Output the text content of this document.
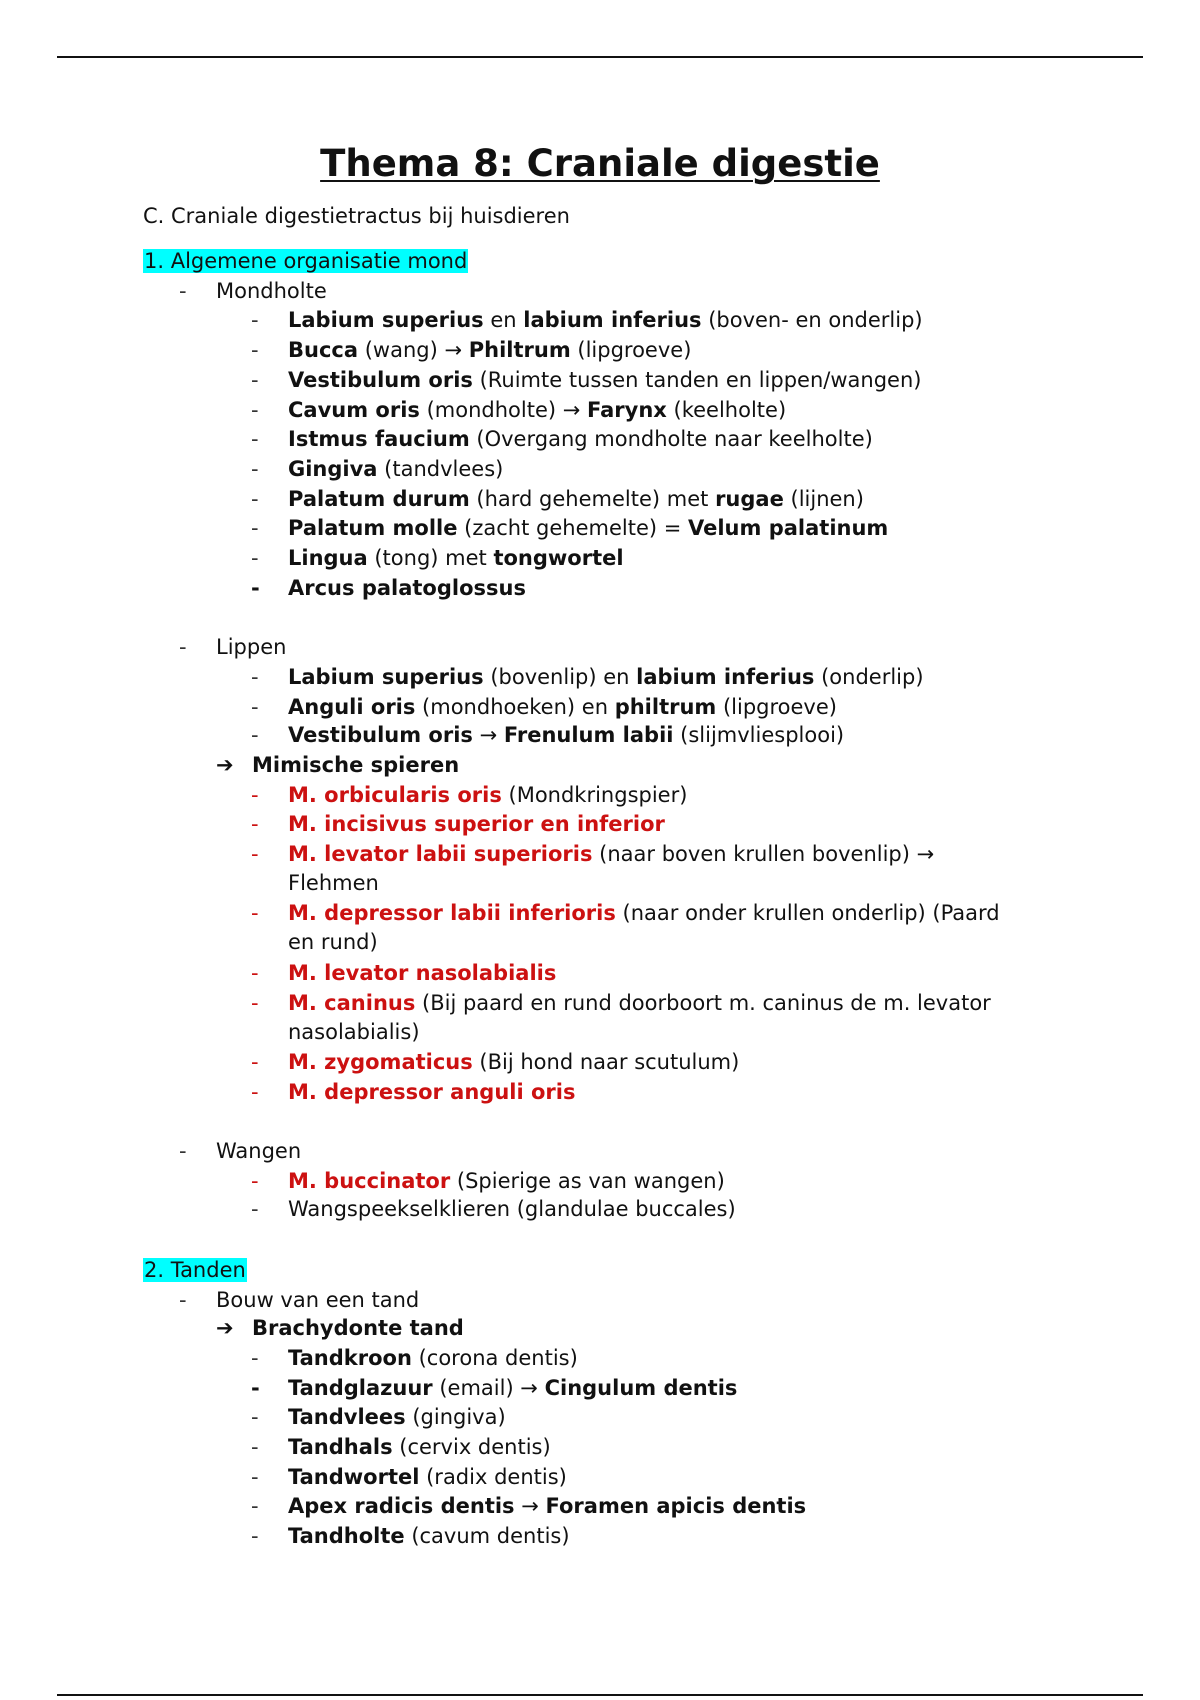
Thema 8: Craniale digestie

C. Craniale digestietractus bij huisdieren

1. Algemene organisatie mond

- Mondholte

Labium superius en labium inferius (boven- en onderlip)

Bucca (wang) → Philtrum (lipgroeve)

Vestibulum oris (Ruimte tussen tanden en lippen/wangen)

Cavum oris (mondholte) → Farynx (keelholte)

Istmus faucium (Overgang mondholte naar keelholte)

Gingiva (tandvlees)

Palatum durum (hard gehemelte) met rugae (lijnen)

Palatum molle (zacht gehemelte) = Velum palatinum

Lingua (tong) met tongwortel

Arcus palatoglossus

-
-
-
-
-
-
-
-
-
-
- Lippen

Labium superius (bovenlip) en labium inferius (onderlip)

Anguli oris (mondhoeken) en philtrum (lipgroeve)

Vestibulum oris → Frenulum labii (slijmvliesplooi)

-
-
-

➔ Mimische spieren

M. orbicularis oris (Mondkringspier)

M. incisivus superior en inferior

M. levator labii superioris (naar boven krullen bovenlip) →

Flehmen

M. depressor labii inferioris (naar onder krullen onderlip) (Paard

en rund)

M. levator nasolabialis

M. caninus (Bij paard en rund doorboort m. caninus de m. levator

nasolabialis)

M. zygomaticus (Bij hond naar scutulum)

M. depressor anguli oris

-
-
-
-
-
-
-
-
- Wangen

M. buccinator (Spierige as van wangen)

Wangspeekselklieren (glandulae buccales)

-
-

2. Tanden

- Bouw van een tand

➔ Brachydonte tand

Tandkroon (corona dentis)

Tandglazuur (email) → Cingulum dentis

Tandvlees (gingiva)

Tandhals (cervix dentis)

Tandwortel (radix dentis)

Apex radicis dentis → Foramen apicis dentis

Tandholte (cavum dentis)

-
-
-
-
-
-
-
